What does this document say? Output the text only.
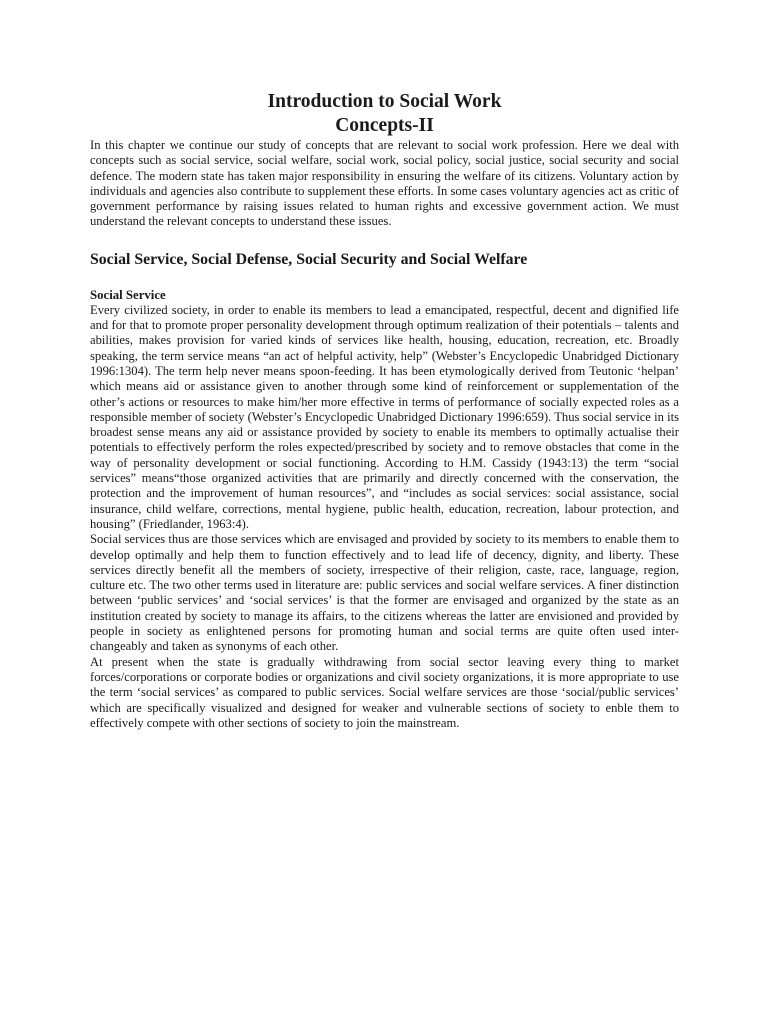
Introduction to Social Work
Concepts-II

In this chapter we continue our study of concepts that are relevant to social work profession. Here we deal with concepts such as social service, social welfare, social work, social policy, social justice, social security and social defence. The modern state has taken major responsibility in ensuring the welfare of its citizens. Voluntary action by individuals and agencies also contribute to supplement these efforts. In some cases voluntary agencies act as critic of government performance by raising issues related to human rights and excessive government action. We must understand the relevant concepts to understand these issues.

Social Service, Social Defense, Social Security and Social Welfare
Social Service

Every civilized society, in order to enable its members to lead a emancipated, respectful, decent and dignified life and for that to promote proper personality development through optimum realization of their potentials – talents and abilities, makes provision for varied kinds of services like health, housing, education, recreation, etc. Broadly speaking, the term service means “an act of helpful activity, help” (Webster’s Encyclopedic Unabridged Dictionary 1996:1304). The term help never means spoon-feeding. It has been etymologically derived from Teutonic ‘helpan’ which means aid or assistance given to another through some kind of reinforcement or supplementation of the other’s actions or resources to make him/her more effective in terms of performance of socially expected roles as a responsible member of society (Webster’s Encyclopedic Unabridged Dictionary 1996:659). Thus social service in its broadest sense means any aid or assistance provided by society to enable its members to optimally actualise their potentials to effectively perform the roles expected/prescribed by society and to remove obstacles that come in the way of personality development or social functioning. According to H.M. Cassidy (1943:13) the term “social services” means“those organized activities that are primarily and directly concerned with the conservation, the protection and the improvement of human resources”, and “includes as social services: social assistance, social insurance, child welfare, corrections, mental hygiene, public health, education, recreation, labour protection, and housing” (Friedlander, 1963:4).

Social services thus are those services which are envisaged and provided by society to its members to enable them to develop optimally and help them to function effectively and to lead life of decency, dignity, and liberty. These services directly benefit all the members of society, irrespective of their religion, caste, race, language, region, culture etc. The two other terms used in literature are: public services and social welfare services. A finer distinction between ‘public services’ and ‘social services’ is that the former are envisaged and organized by the state as an institution created by society to manage its affairs, to the citizens whereas the latter are envisioned and provided by people in society as enlightened persons for promoting human and social terms are quite often used inter- changeably and taken as synonyms of each other.

At present when the state is gradually withdrawing from social sector leaving every thing to market forces/corporations or corporate bodies or organizations and civil society organizations, it is more appropriate to use the term ‘social services’ as compared to public services. Social welfare services are those ‘social/public services’ which are specifically visualized and designed for weaker and vulnerable sections of society to enble them to effectively compete with other sections of society to join the mainstream.
